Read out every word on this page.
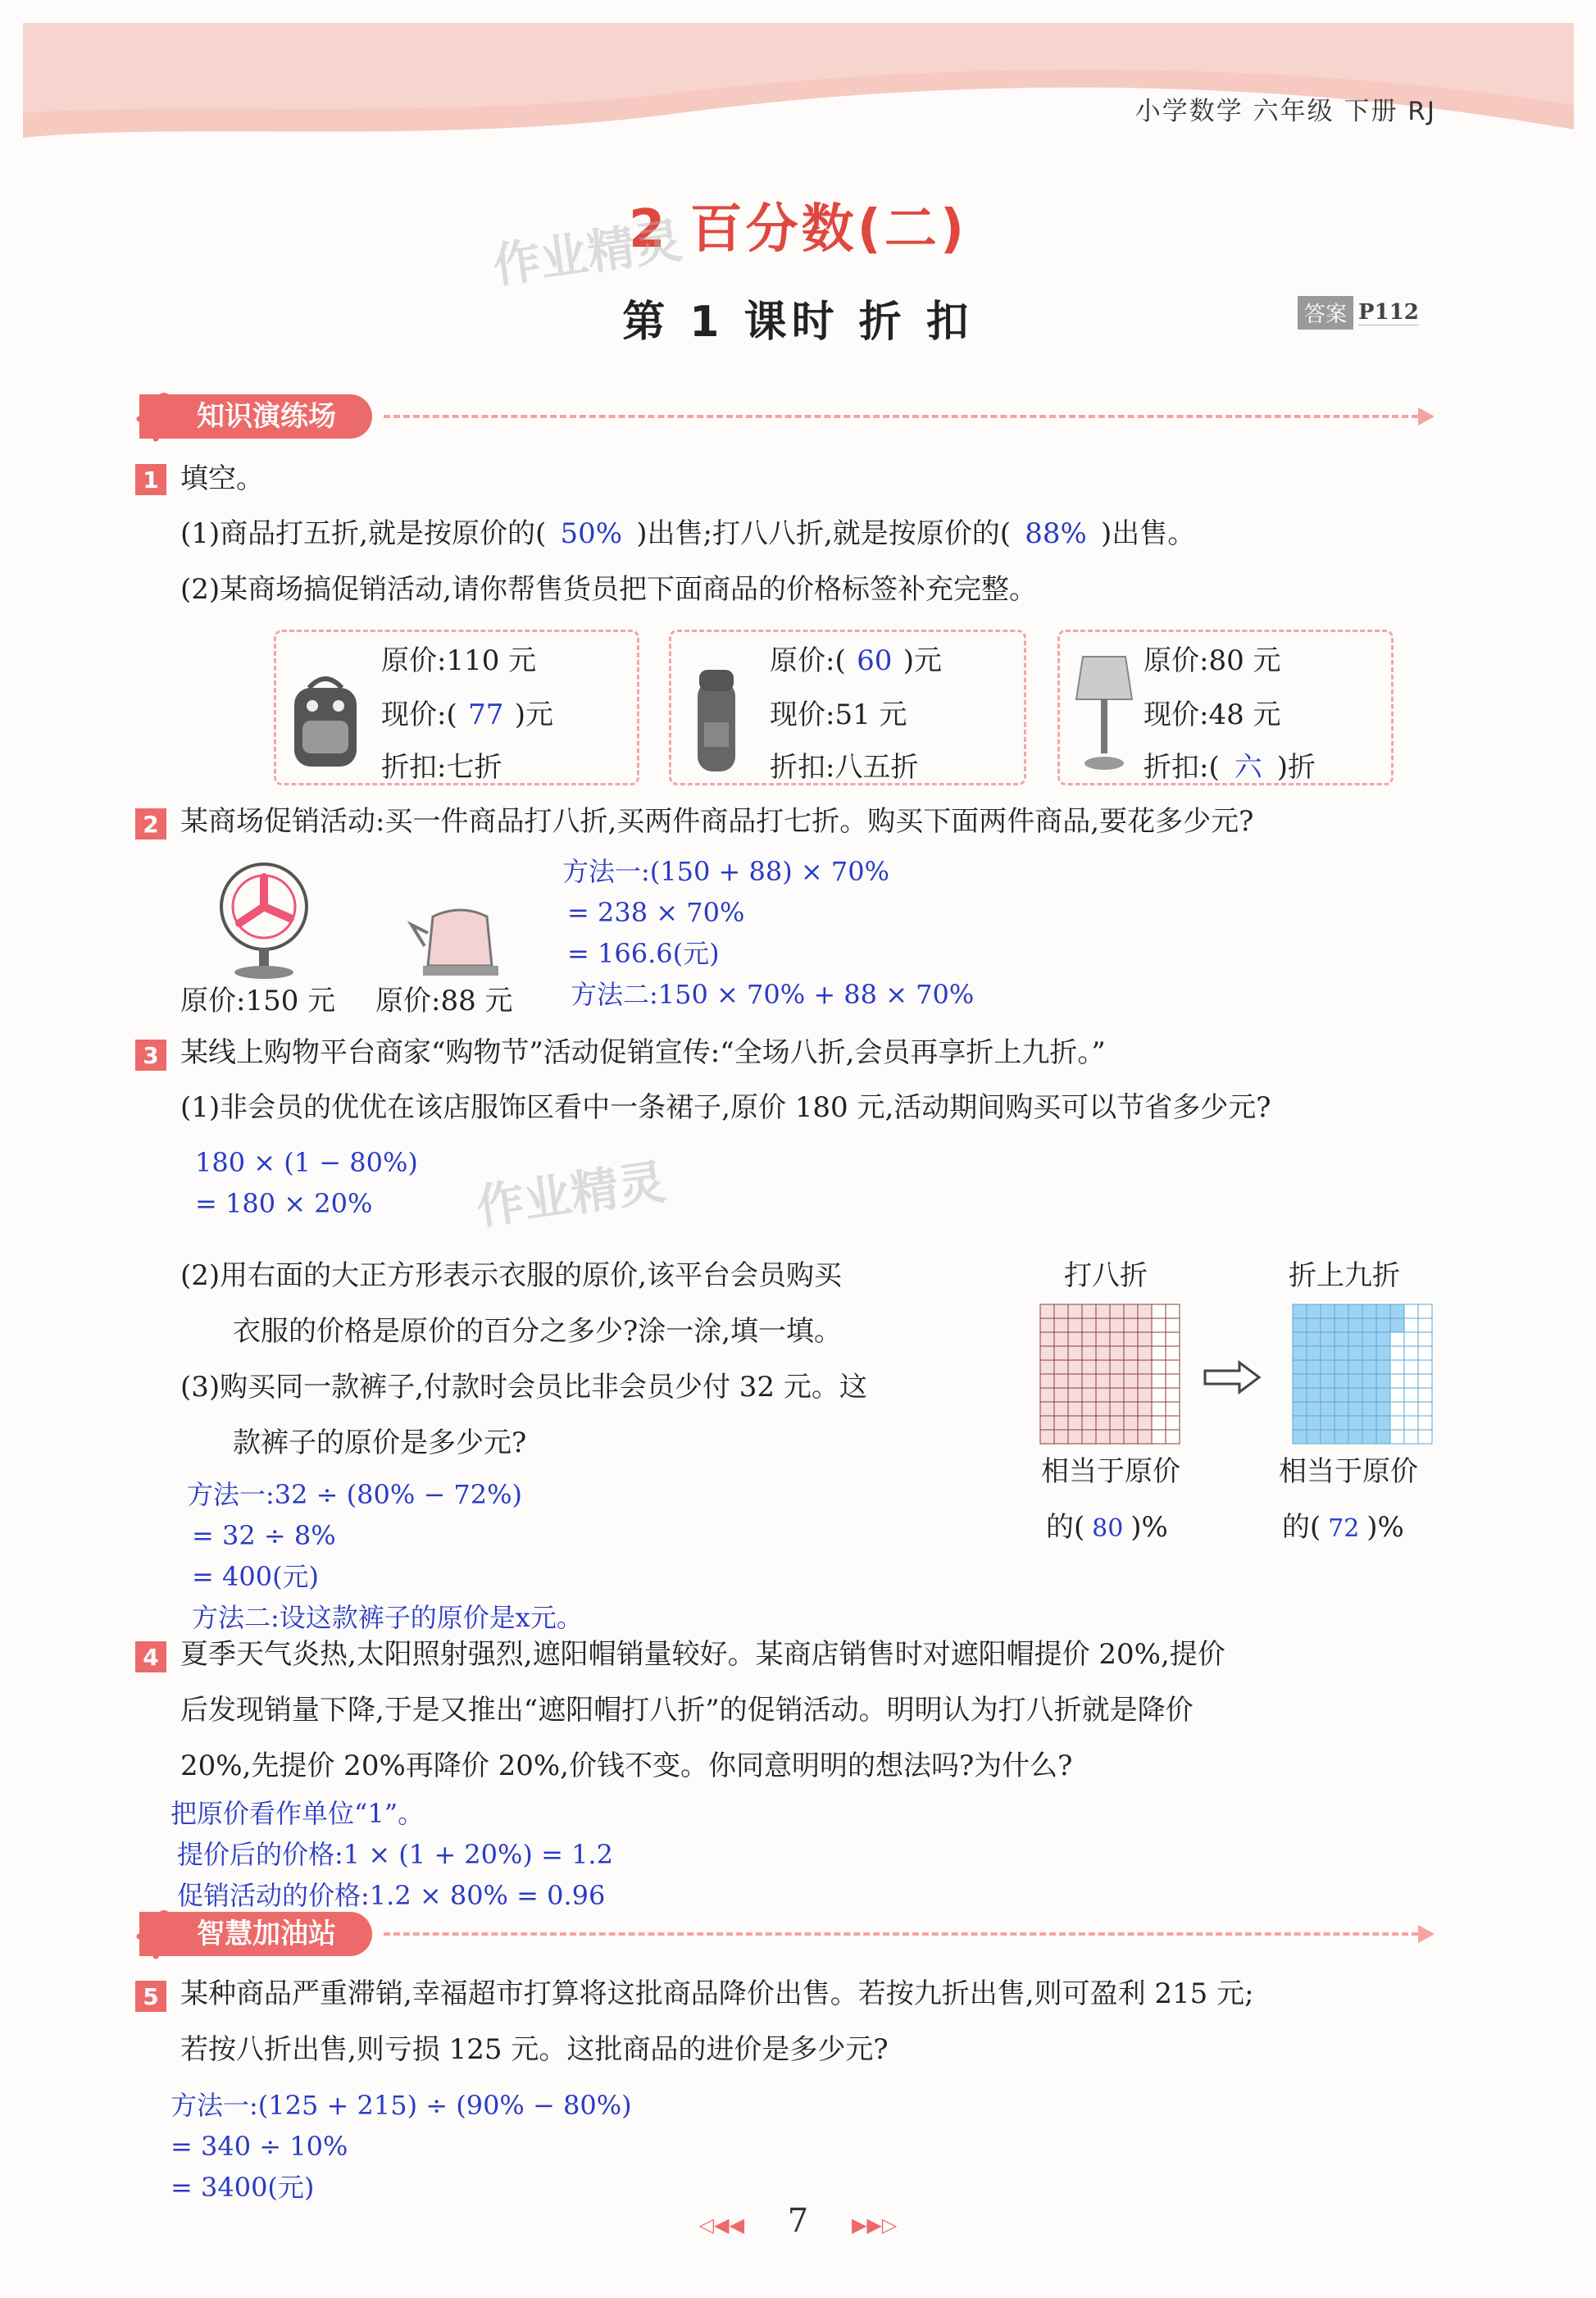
小学数学 六年级 下册 RJ
2 百分数(二)
作业精灵
第 1 课时 折 扣	答案 P112
知识演练场
1 填空。
(1)商品打五折,就是按原价的( 50% )出售;打八八折,就是按原价的( 88% )出售。
(2)某商场搞促销活动,请你帮售货员把下面商品的价格标签补充完整。
原价:110 元
现价:( 77 )元
折扣:七折
原价:( 60 )元
现价:51 元
折扣:八五折
原价:80 元
现价:48 元
折扣:( 六 )折
2 某商场促销活动:买一件商品打八折,买两件商品打七折。购买下面两件商品,要花多少元?
原价:150 元 原价:88 元
方法一:(150 + 88) × 70%
= 238 × 70%
= 166.6(元)
方法二:150 × 70% + 88 × 70%
3 某线上购物平台商家“购物节”活动促销宣传:“全场八折,会员再享折上九折。”
(1)非会员的优优在该店服饰区看中一条裙子,原价 180 元,活动期间购买可以节省多少元?
180 × (1 − 80%)
= 180 × 20% 作业精灵
(2)用右面的大正方形表示衣服的原价,该平台会员购买
衣服的价格是原价的百分之多少?涂一涂,填一填。
(3)购买同一款裤子,付款时会员比非会员少付 32 元。这
款裤子的原价是多少元?
方法一:32 ÷ (80% − 72%)
= 32 ÷ 8%
= 400(元)
方法二:设这款裤子的原价是x元。
打八折	折上九折
相当于原价	相当于原价
的( 80 )%	的( 72 )%
4 夏季天气炎热,太阳照射强烈,遮阳帽销量较好。某商店销售时对遮阳帽提价 20%,提价
后发现销量下降,于是又推出“遮阳帽打八折”的促销活动。明明认为打八折就是降价
20%,先提价 20%再降价 20%,价钱不变。你同意明明的想法吗?为什么?
把原价看作单位“1”。
提价后的价格:1 × (1 + 20%) = 1.2
促销活动的价格:1.2 × 80% = 0.96
智慧加油站
5 某种商品严重滞销,幸福超市打算将这批商品降价出售。若按九折出售,则可盈利 215 元;
若按八折出售,则亏损 125 元。这批商品的进价是多少元?
方法一:(125 + 215) ÷ (90% − 80%)
= 340 ÷ 10%
= 3400(元)
◁◀◀ 7 ▶▶▷
